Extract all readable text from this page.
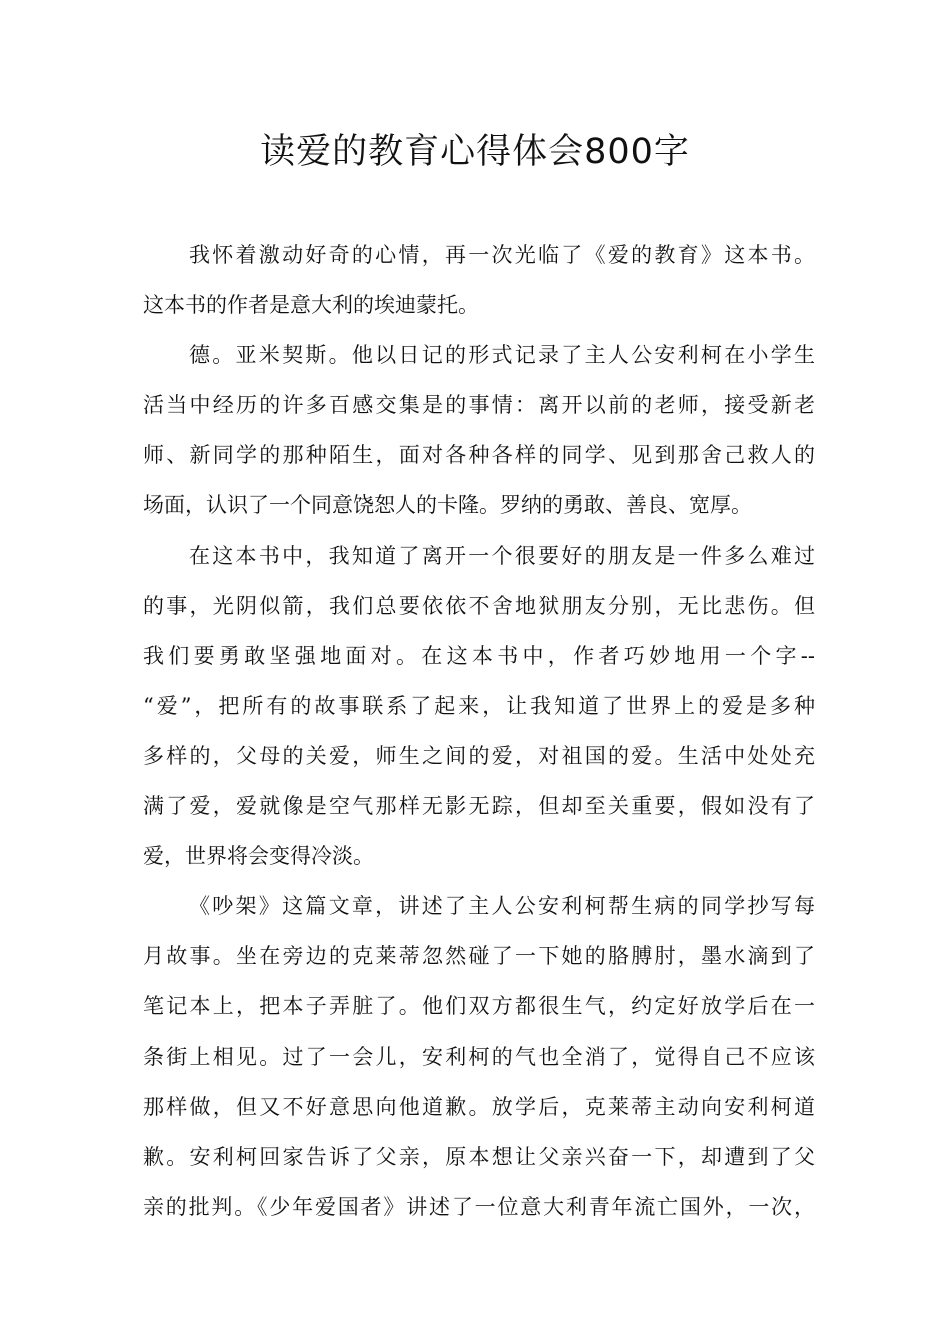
读爱的教育心得体会800字
我怀着激动好奇的心情，再一次光临了《爱的教育》这本书。
这本书的作者是意大利的埃迪蒙托。
德。亚米契斯。他以日记的形式记录了主人公安利柯在小学生
活当中经历的许多百感交集是的事情：离开以前的老师，接受新老
师、新同学的那种陌生，面对各种各样的同学、见到那舍己救人的
场面，认识了一个同意饶恕人的卡隆。罗纳的勇敢、善良、宽厚。
在这本书中，我知道了离开一个很要好的朋友是一件多么难过
的事，光阴似箭，我们总要依依不舍地狱朋友分别，无比悲伤。但
我们要勇敢坚强地面对。在这本书中，作者巧妙地用一个字--
“爱”，把所有的故事联系了起来，让我知道了世界上的爱是多种
多样的，父母的关爱，师生之间的爱，对祖国的爱。生活中处处充
满了爱，爱就像是空气那样无影无踪，但却至关重要，假如没有了
爱，世界将会变得冷淡。
《吵架》这篇文章，讲述了主人公安利柯帮生病的同学抄写每
月故事。坐在旁边的克莱蒂忽然碰了一下她的胳膊肘，墨水滴到了
笔记本上，把本子弄脏了。他们双方都很生气，约定好放学后在一
条街上相见。过了一会儿，安利柯的气也全消了，觉得自己不应该
那样做，但又不好意思向他道歉。放学后，克莱蒂主动向安利柯道
歉。安利柯回家告诉了父亲，原本想让父亲兴奋一下，却遭到了父
亲的批判。《少年爱国者》讲述了一位意大利青年流亡国外，一次，
